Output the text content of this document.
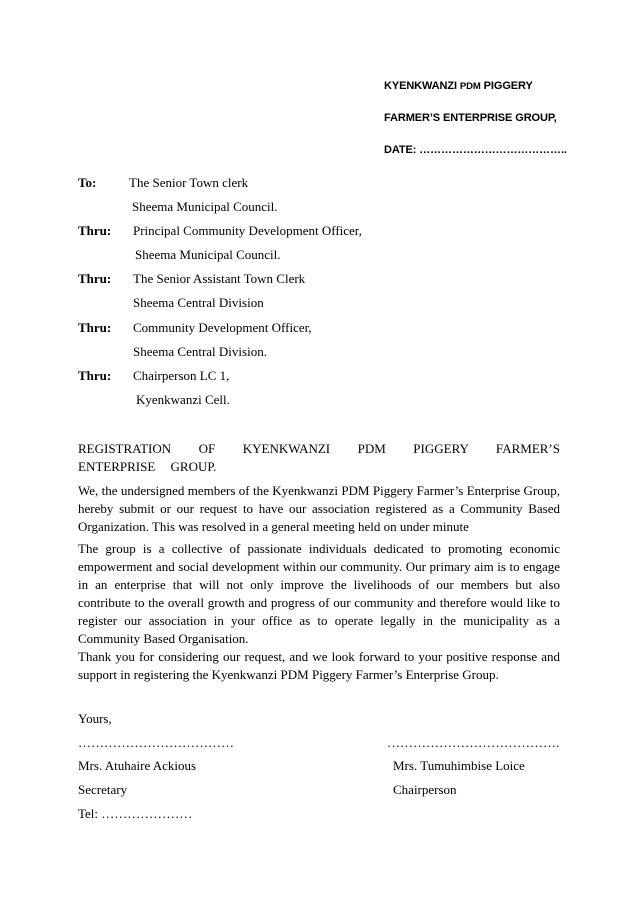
KYENKWANZI PDM PIGGERY
FARMER’S ENTERPRISE GROUP,
DATE: …………………………………..
To:	The Senior Town clerk
Sheema Municipal Council.
Thru: Principal Community Development Officer,
Sheema Municipal Council.
Thru: The Senior Assistant Town Clerk
Sheema Central Division
Thru: Community Development Officer,
Sheema Central Division.
Thru: Chairperson LC 1,
Kyenkwanzi Cell.
REGISTRATION OF KYENKWANZI PDM PIGGERY FARMER’S ENTERPRISE GROUP.
We, the undersigned members of the Kyenkwanzi PDM Piggery Farmer’s Enterprise Group, hereby submit or our request to have our association registered as a Community Based Organization. This was resolved in a general meeting held on under minute
The group is a collective of passionate individuals dedicated to promoting economic empowerment and social development within our community. Our primary aim is to engage in an enterprise that will not only improve the livelihoods of our members but also contribute to the overall growth and progress of our community and therefore would like to register our association in your office as to operate legally in the municipality as a Community Based Organisation.
Thank you for considering our request, and we look forward to your positive response and support in registering the Kyenkwanzi PDM Piggery Farmer’s Enterprise Group.
Yours,
………………………………	………………………………….
Mrs. Atuhaire Ackious	Mrs. Tumuhimbise Loice
Secretary	Chairperson
Tel: …………………
